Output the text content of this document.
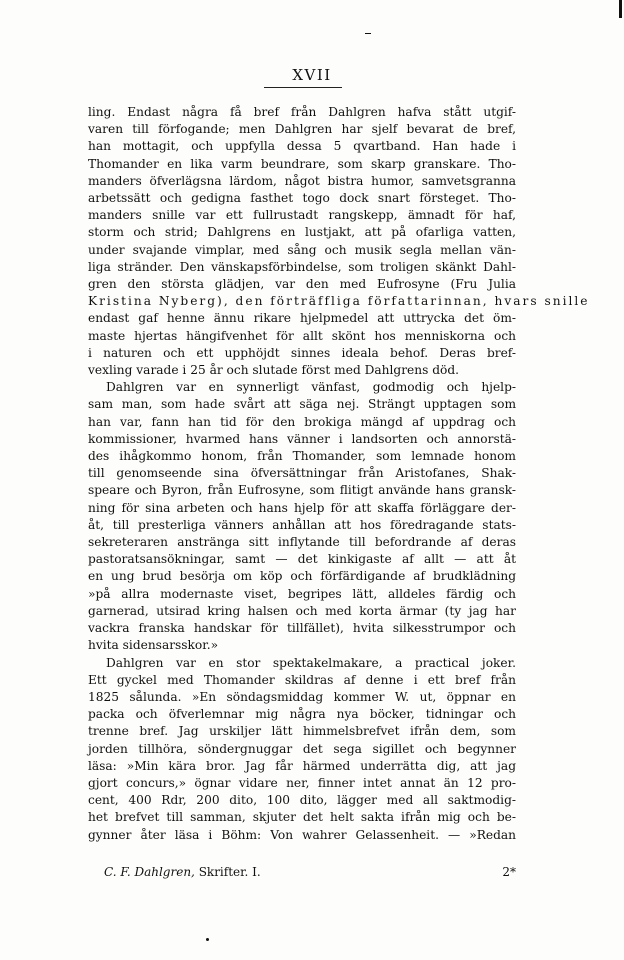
XVII
ling. Endast några få bref från Dahlgren hafva stått utgif-
varen till förfogande; men Dahlgren har sjelf bevarat de bref,
han mottagit, och uppfylla dessa 5 qvartband. Han hade i
Thomander en lika varm beundrare, som skarp granskare. Tho-
manders öfverlägsna lärdom, något bistra humor, samvetsgranna
arbetssätt och gedigna fasthet togo dock snart försteget. Tho-
manders snille var ett fullrustadt rangskepp, ämnadt för haf,
storm och strid; Dahlgrens en lustjakt, att på ofarliga vatten,
under svajande vimplar, med sång och musik segla mellan vän-
liga stränder. Den vänskapsförbindelse, som troligen skänkt Dahl-
gren den största glädjen, var den med Eufrosyne (Fru Julia
Kristina Nyberg), den förträffliga författarinnan, hvars snille
endast gaf henne ännu rikare hjelpmedel att uttrycka det öm-
maste hjertas hängifvenhet för allt skönt hos menniskorna och
i naturen och ett upphöjdt sinnes ideala behof. Deras bref-
vexling varade i 25 år och slutade först med Dahlgrens död.
Dahlgren var en synnerligt vänfast, godmodig och hjelp-
sam man, som hade svårt att säga nej. Strängt upptagen som
han var, fann han tid för den brokiga mängd af uppdrag och
kommissioner, hvarmed hans vänner i landsorten och annorstä-
des ihågkommo honom, från Thomander, som lemnade honom
till genomseende sina öfversättningar från Aristofanes, Shak-
speare och Byron, från Eufrosyne, som flitigt använde hans gransk-
ning för sina arbeten och hans hjelp för att skaffa förläggare der-
åt, till presterliga vänners anhållan att hos föredragande stats-
sekreteraren anstränga sitt inflytande till befordrande af deras
pastoratsansökningar, samt — det kinkigaste af allt — att åt
en ung brud besörja om köp och förfärdigande af brudklädning
»på allra modernaste viset, begripes lätt, alldeles färdig och
garnerad, utsirad kring halsen och med korta ärmar (ty jag har
vackra franska handskar för tillfället), hvita silkesstrumpor och
hvita sidensarsskor.»
Dahlgren var en stor spektakelmakare, a practical joker.
Ett gyckel med Thomander skildras af denne i ett bref från
1825 sålunda. »En söndagsmiddag kommer W. ut, öppnar en
packa och öfverlemnar mig några nya böcker, tidningar och
trenne bref. Jag urskiljer lätt himmelsbrefvet ifrån dem, som
jorden tillhöra, söndergnuggar det sega sigillet och begynner
läsa: »Min kära bror. Jag får härmed underrätta dig, att jag
gjort concurs,» ögnar vidare ner, finner intet annat än 12 pro-
cent, 400 Rdr, 200 dito, 100 dito, lägger med all saktmodig-
het brefvet till samman, skjuter det helt sakta ifrån mig och be-
gynner åter läsa i Böhm: Von wahrer Gelassenheit. — »Redan
C. F. Dahlgren, Skrifter. I.	2*
